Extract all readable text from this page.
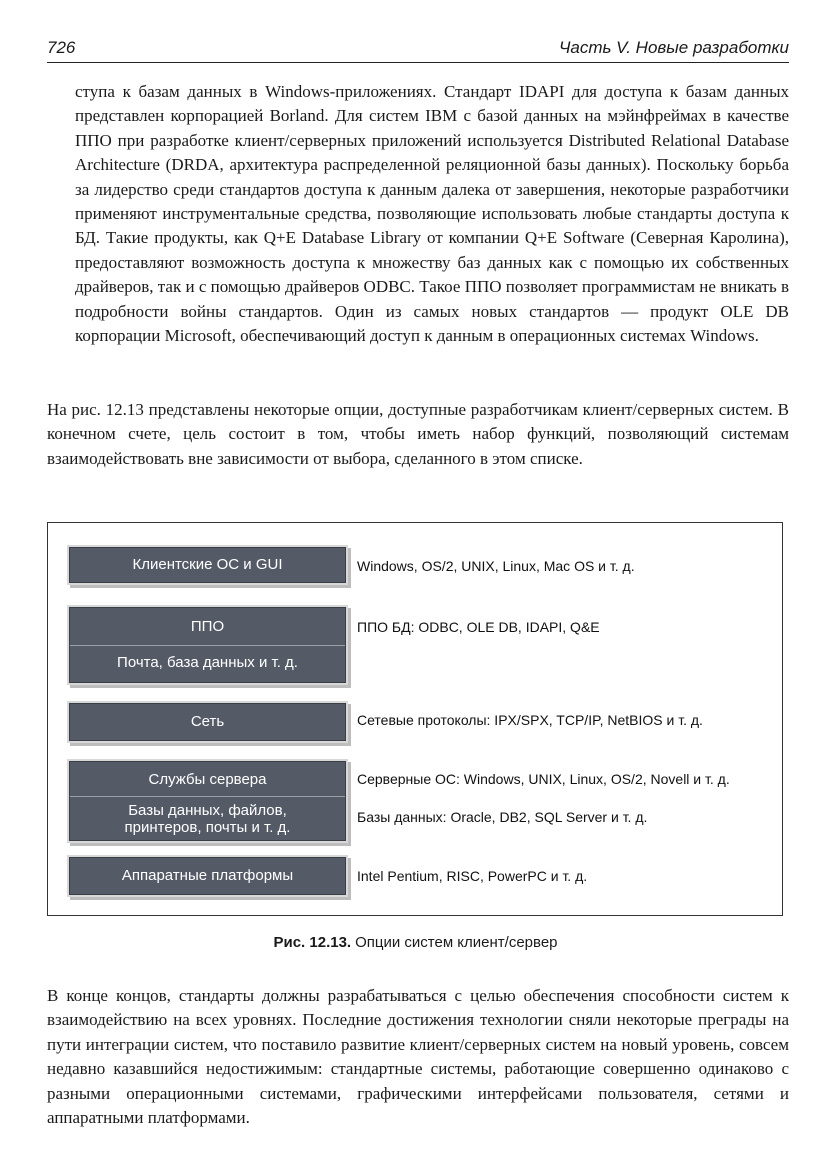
726	Часть V. Новые разработки

ступа к базам данных в Windows-приложениях. Стандарт IDAPI для доступа к базам данных представлен корпорацией Borland. Для систем IBM с базой данных на мэйнфреймах в качестве ППО при разработке клиент/серверных приложений используется Distributed Relational Database Architecture (DRDA, архитектура распределенной реляционной базы данных). Поскольку борьба за лидерство среди стандартов доступа к данным далека от завершения, некоторые разработчики применяют инструментальные средства, позволяющие использовать любые стандарты доступа к БД. Такие продукты, как Q+E Database Library от компании Q+E Software (Северная Каролина), предоставляют возможность доступа к множеству баз данных как с помощью их собственных драйверов, так и с помощью драйверов ODBC. Такое ППО позволяет программистам не вникать в подробности войны стандартов. Один из самых новых стандартов — продукт OLE DB корпорации Microsoft, обеспечивающий доступ к данным в операционных системах Windows.

На рис. 12.13 представлены некоторые опции, доступные разработчикам клиент/серверных систем. В конечном счете, цель состоит в том, чтобы иметь набор функций, позволяющий системам взаимодействовать вне зависимости от выбора, сделанного в этом списке.

Клиентские ОС и GUI	Windows, OS/2, UNIX, Linux, Mac OS и т. д.
ППО
Почта, база данных и т. д.
ППО БД: ODBC, OLE DB, IDAPI, Q&E
Сеть	Сетевые протоколы: IPX/SPX, TCP/IP, NetBIOS и т. д.
Службы сервера
Базы данных, файлов,
принтеров, почты и т. д.
Серверные ОС: Windows, UNIX, Linux, OS/2, Novell и т. д.
Базы данных: Oracle, DB2, SQL Server и т. д.
Аппаратные платформы	Intel Pentium, RISC, PowerPC и т. д.
Рис. 12.13. Опции систем клиент/сервер

В конце концов, стандарты должны разрабатываться с целью обеспечения способности систем к взаимодействию на всех уровнях. Последние достижения технологии сняли некоторые преграды на пути интеграции систем, что поставило развитие клиент/серверных систем на новый уровень, совсем недавно казавшийся недостижимым: стандартные системы, работающие совершенно одинаково с разными операционными системами, графическими интерфейсами пользователя, сетями и аппаратными платформами.
